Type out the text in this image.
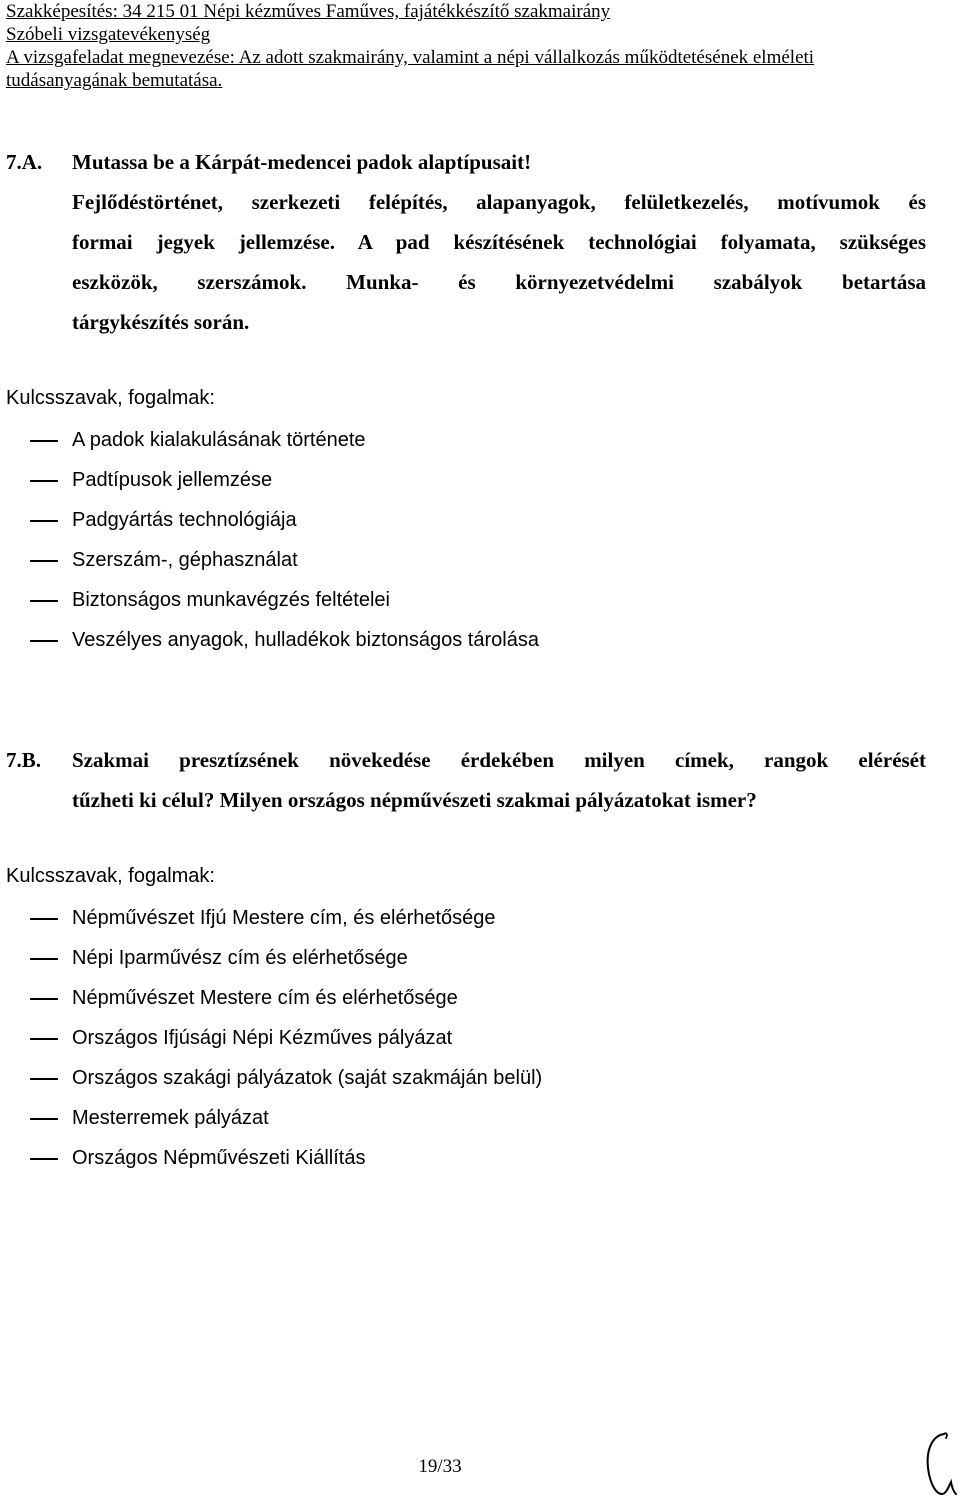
Szakképesítés: 34 215 01 Népi kézműves Faműves, fajátékkészítő szakmairány
Szóbeli vizsgatevékenység
A vizsgafeladat megnevezése: Az adott szakmairány, valamint a népi vállalkozás működtetésének elméleti
tudásanyagának bemutatása.
7.A. Mutassa be a Kárpát-medencei padok alaptípusait!
Fejlődéstörténet, szerkezeti felépítés, alapanyagok, felületkezelés, motívumok és
formai jegyek jellemzése. A pad készítésének technológiai folyamata, szükséges
eszközök, szerszámok. Munka- és környezetvédelmi szabályok betartása
tárgykészítés során.
Kulcsszavak, fogalmak:
A padok kialakulásának története
Padtípusok jellemzése
Padgyártás technológiája
Szerszám-, géphasználat
Biztonságos munkavégzés feltételei
Veszélyes anyagok, hulladékok biztonságos tárolása
7.B. Szakmai presztízsének növekedése érdekében milyen címek, rangok elérését
tűzheti ki célul? Milyen országos népművészeti szakmai pályázatokat ismer?
Kulcsszavak, fogalmak:
Népművészet Ifjú Mestere cím, és elérhetősége
Népi Iparművész cím és elérhetősége
Népművészet Mestere cím és elérhetősége
Országos Ifjúsági Népi Kézműves pályázat
Országos szakági pályázatok (saját szakmáján belül)
Mesterremek pályázat
Országos Népművészeti Kiállítás
19/33
